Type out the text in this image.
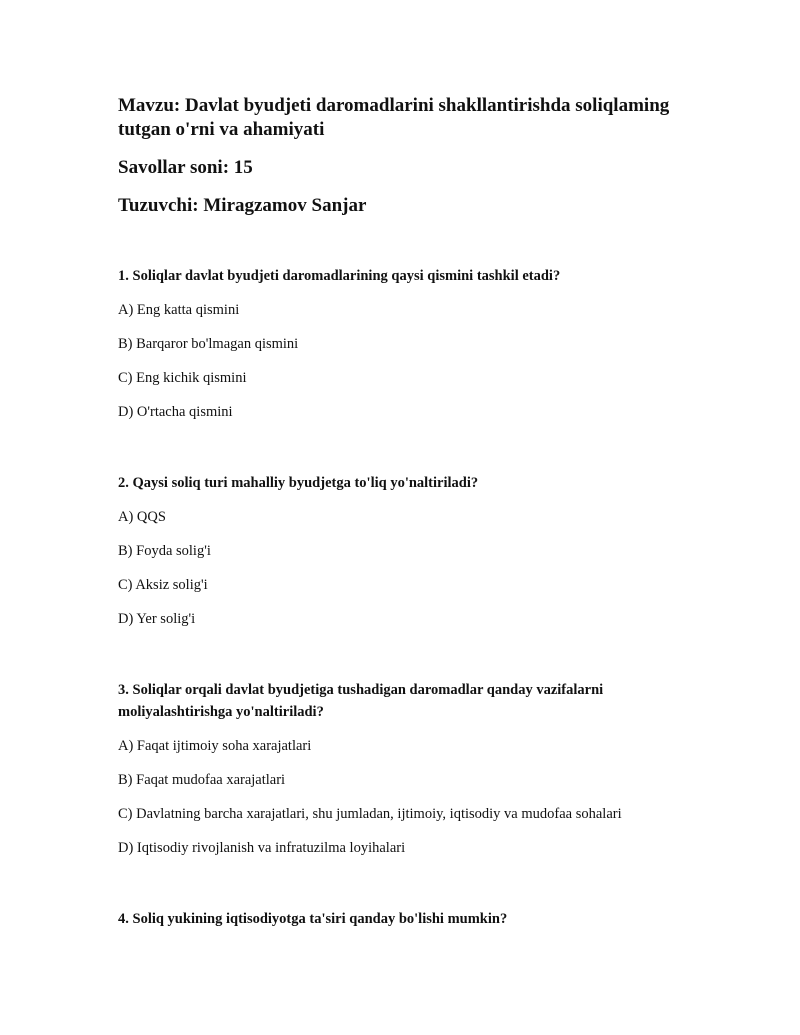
Mavzu: Davlat byudjeti daromadlarini shakllantirishda soliqlaming tutgan o'rni va ahamiyati

Savollar soni: 15

Tuzuvchi: Miragzamov Sanjar

1. Soliqlar davlat byudjeti daromadlarining qaysi qismini tashkil etadi?

A) Eng katta qismini

B) Barqaror bo'lmagan qismini

C) Eng kichik qismini

D) O'rtacha qismini

2. Qaysi soliq turi mahalliy byudjetga to'liq yo'naltiriladi?

A) QQS

B) Foyda solig'i

C) Aksiz solig'i

D) Yer solig'i

3. Soliqlar orqali davlat byudjetiga tushadigan daromadlar qanday vazifalarni moliyalashtirishga yo'naltiriladi?

A) Faqat ijtimoiy soha xarajatlari

B) Faqat mudofaa xarajatlari

C) Davlatning barcha xarajatlari, shu jumladan, ijtimoiy, iqtisodiy va mudofaa sohalari

D) Iqtisodiy rivojlanish va infratuzilma loyihalari

4. Soliq yukining iqtisodiyotga ta'siri qanday bo'lishi mumkin?
